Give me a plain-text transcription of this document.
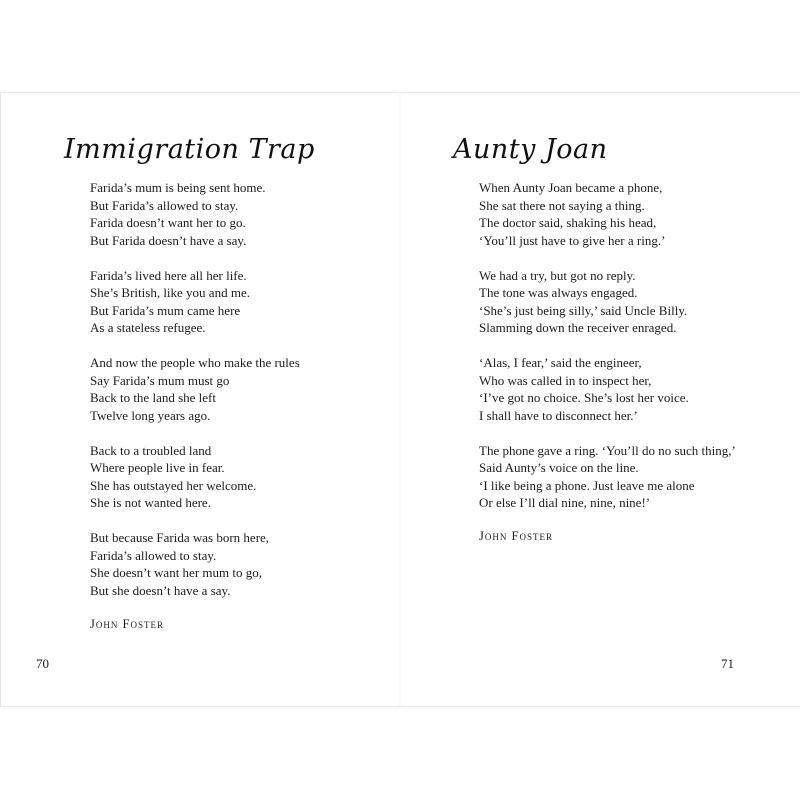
Immigration Trap

Farida’s mum is being sent home.
But Farida’s allowed to stay.
Farida doesn’t want her to go.
But Farida doesn’t have a say.

Farida’s lived here all her life.
She’s British, like you and me.
But Farida’s mum came here
As a stateless refugee.

And now the people who make the rules
Say Farida’s mum must go
Back to the land she left
Twelve long years ago.

Back to a troubled land
Where people live in fear.
She has outstayed her welcome.
She is not wanted here.

But because Farida was born here,
Farida’s allowed to stay.
She doesn’t want her mum to go,
But she doesn’t have a say.

John Foster
70
Aunty Joan

When Aunty Joan became a phone,
She sat there not saying a thing.
The doctor said, shaking his head,
‘You’ll just have to give her a ring.’

We had a try, but got no reply.
The tone was always engaged.
‘She’s just being silly,’ said Uncle Billy.
Slamming down the receiver enraged.

‘Alas, I fear,’ said the engineer,
Who was called in to inspect her,
‘I’ve got no choice. She’s lost her voice.
I shall have to disconnect her.’

The phone gave a ring. ‘You’ll do no such thing,’
Said Aunty’s voice on the line.
‘I like being a phone. Just leave me alone
Or else I’ll dial nine, nine, nine!’

John Foster
71
